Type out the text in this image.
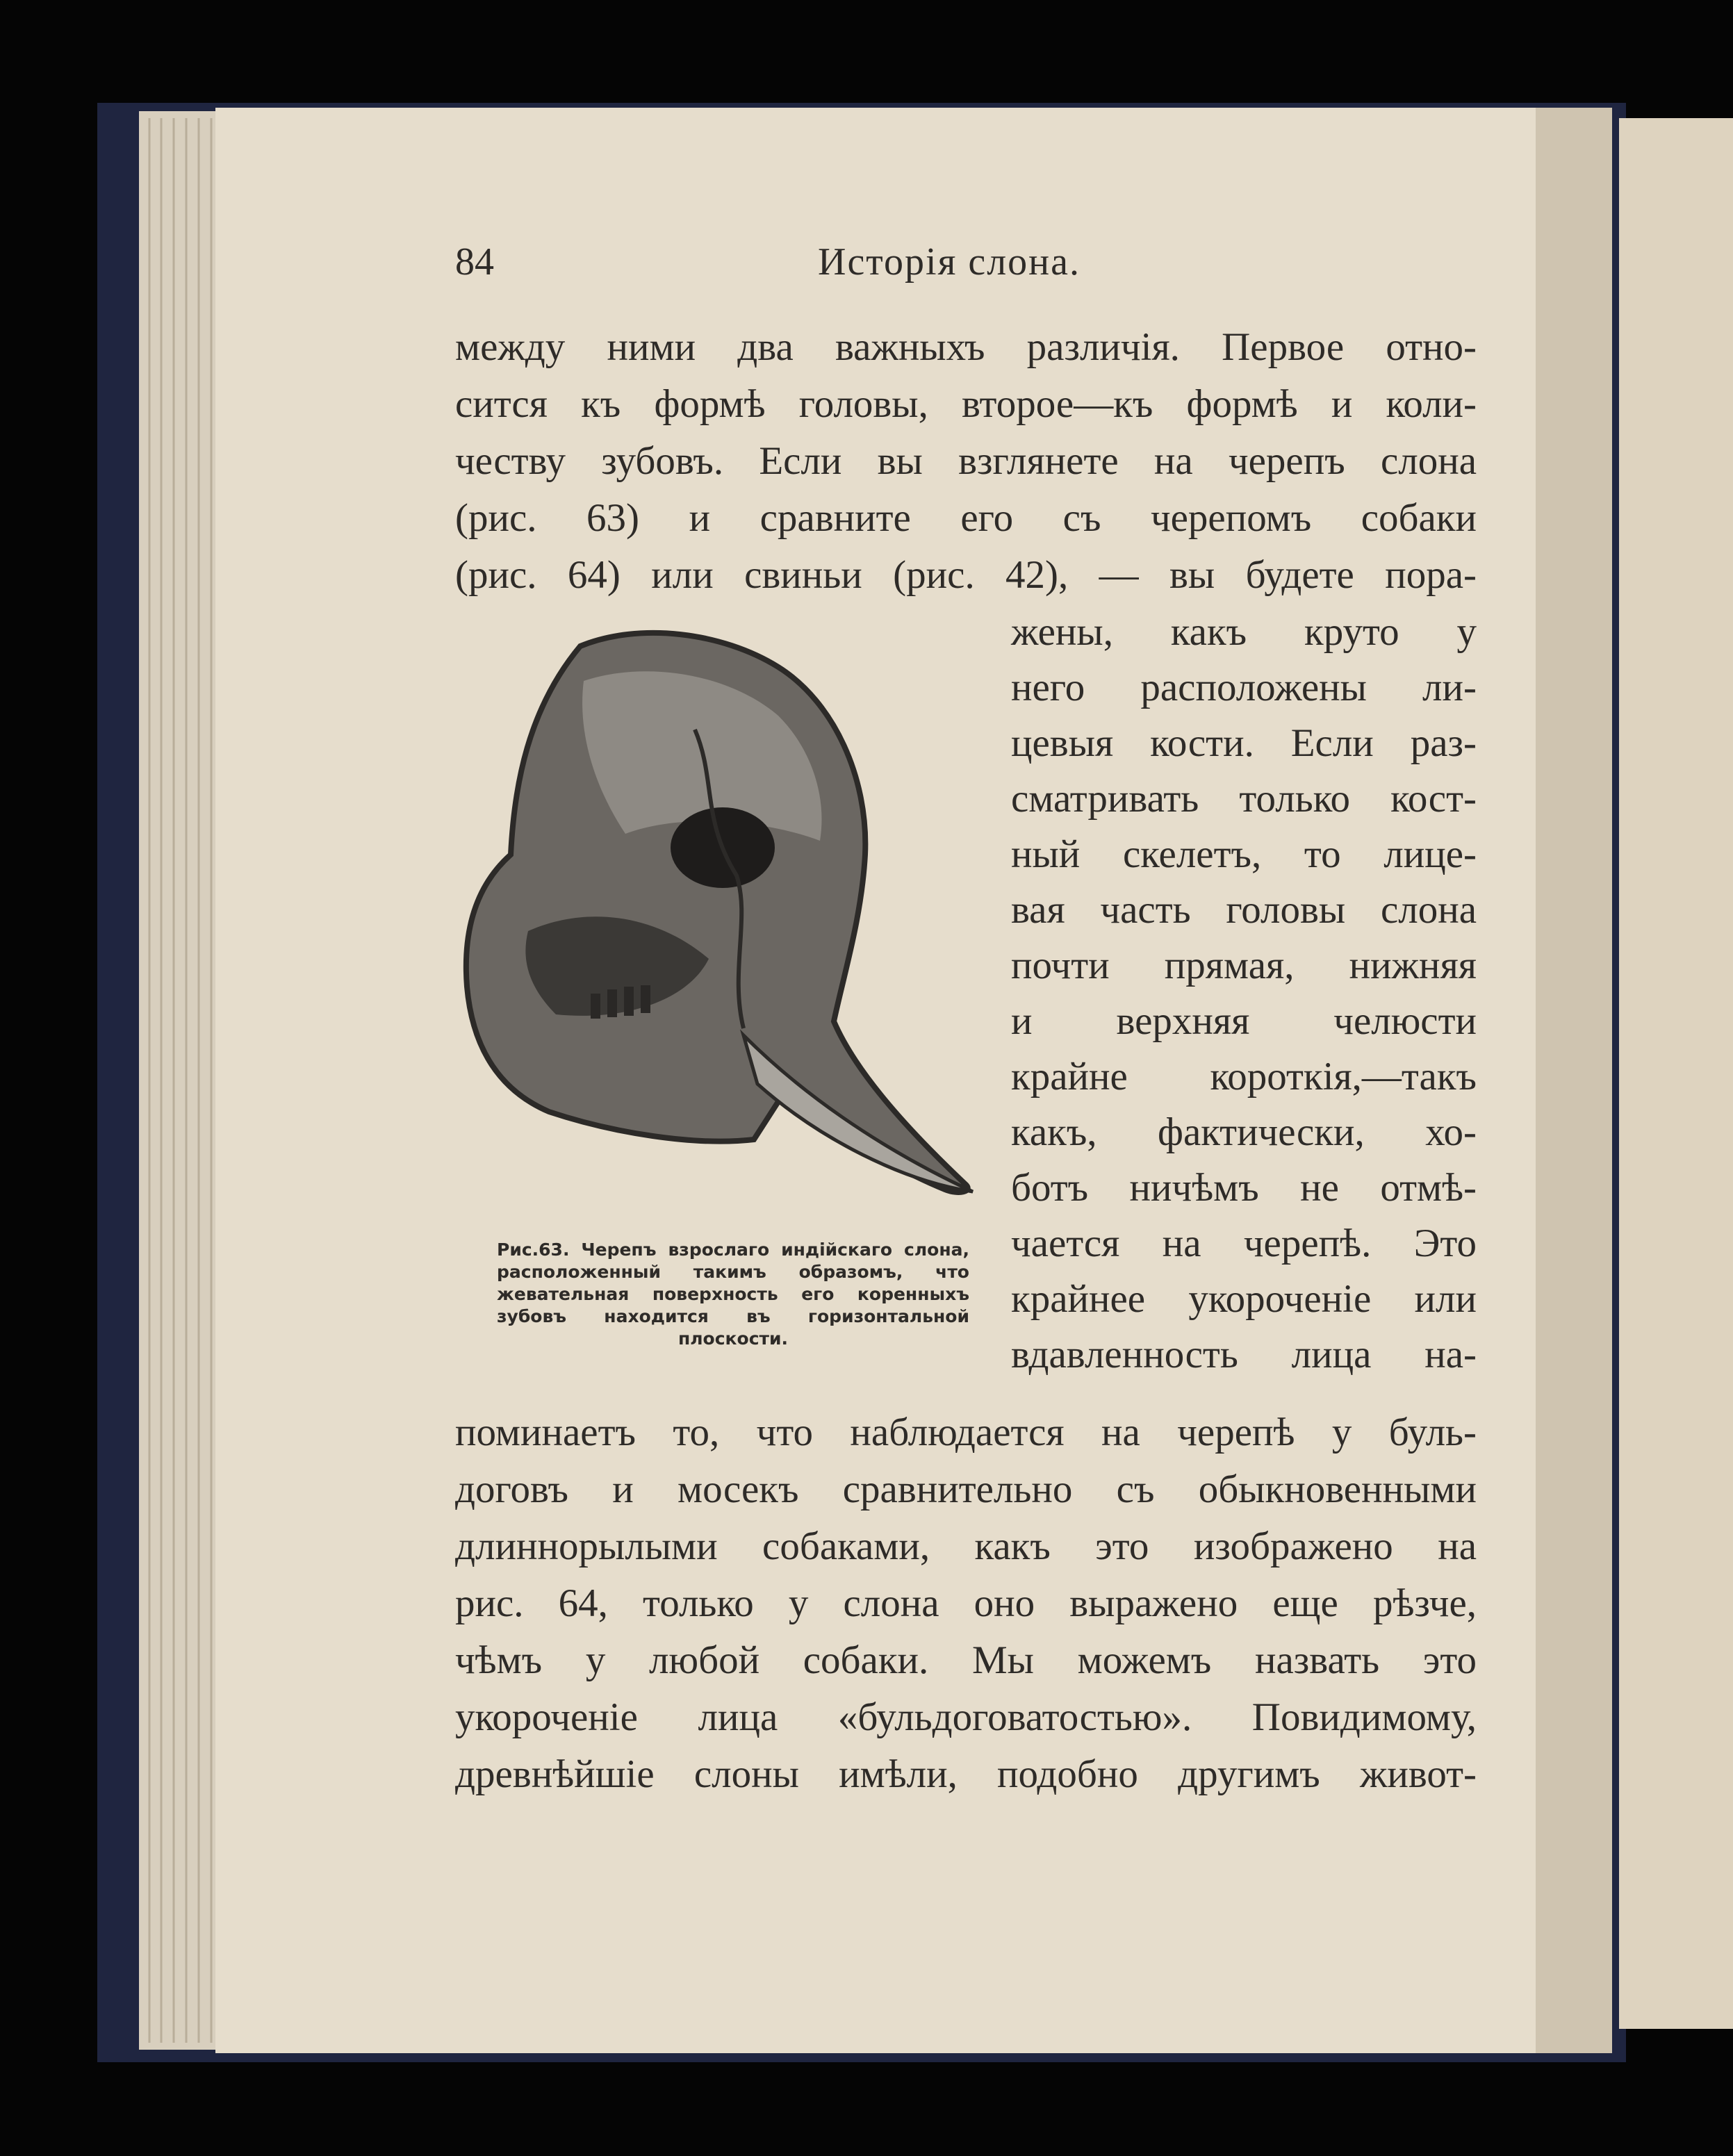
84	Исторія слона.
между ними два важныхъ различія. Первое отно-
сится къ формѣ головы, второе—къ формѣ и коли-
честву зубовъ. Если вы взглянете на черепъ слона
(рис. 63) и сравните его съ черепомъ собаки
(рис. 64) или свиньи (рис. 42), — вы будете пора-
жены, какъ круто у
него расположены ли-
цевыя кости. Если раз-
сматривать только кост-
ный скелетъ, то лице-
вая часть головы слона
почти прямая, нижняя
и верхняя челюсти
крайне короткія,—такъ
какъ, фактически, хо-
ботъ ничѣмъ не отмѣ-
чается на черепѣ. Это
крайнее укороченіе или
вдавленность лица на-
поминаетъ то, что наблюдается на черепѣ у буль-
договъ и мосекъ сравнительно съ обыкновенными
длиннорылыми собаками, какъ это изображено на
рис. 64, только у слона оно выражено еще рѣзче,
чѣмъ у любой собаки. Мы можемъ назвать это
укороченіе лица «бульдоговатостью». Повидимому,
древнѣйшіе слоны имѣли, подобно другимъ живот-
Рис.63. Черепъ взрослаго индійскаго слона, расположенный такимъ образомъ, что жевательная поверхность его коренныхъ зубовъ находится въ горизонтальной плоскости.
